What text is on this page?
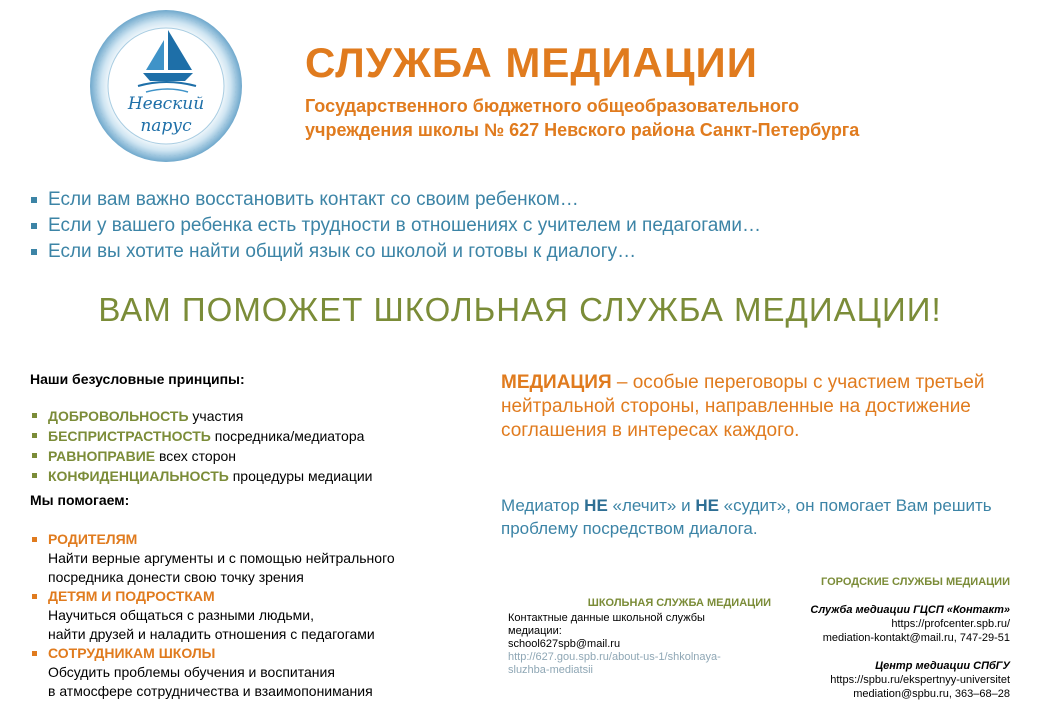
Невский
парус
СЛУЖБА МЕДИАЦИИ
Государственного бюджетного общеобразовательного
учреждения школы № 627 Невского района Санкт-Петербурга
Если вам важно восстановить контакт со своим ребенком…
Если у вашего ребенка есть трудности в отношениях с учителем и педагогами…
Если вы хотите найти общий язык со школой и готовы к диалогу…
ВАМ ПОМОЖЕТ ШКОЛЬНАЯ СЛУЖБА МЕДИАЦИИ!
Наши безусловные принципы:
ДОБРОВОЛЬНОСТЬ участия
БЕСПРИСТРАСТНОСТЬ посредника/медиатора
РАВНОПРАВИЕ всех сторон
КОНФИДЕНЦИАЛЬНОСТЬ процедуры медиации
Мы помогаем:
РОДИТЕЛЯМ
Найти верные аргументы и с помощью нейтрального
посредника донести свою точку зрения
ДЕТЯМ И ПОДРОСТКАМ
Научиться общаться с разными людьми,
найти друзей и наладить отношения с педагогами
СОТРУДНИКАМ ШКОЛЫ
Обсудить проблемы обучения и воспитания
в атмосфере сотрудничества и взаимопонимания
МЕДИАЦИЯ – особые переговоры с участием третьей нейтральной стороны, направленные на достижение соглашения в интересах каждого.
Медиатор НЕ «лечит» и НЕ «судит», он помогает Вам решить проблему посредством диалога.
ШКОЛЬНАЯ СЛУЖБА МЕДИАЦИИ
Контактные данные школьной службы
медиации:
school627spb@mail.ru
http://627.gou.spb.ru/about-us-1/shkolnaya-
sluzhba-mediatsii
ГОРОДСКИЕ СЛУЖБЫ МЕДИАЦИИ
Служба медиации ГЦСП «Контакт»
https://profcenter.spb.ru/
mediation-kontakt@mail.ru, 747-29-51
Центр медиации СПбГУ
https://spbu.ru/ekspertnyy-universitet
mediation@spbu.ru, 363–68–28
